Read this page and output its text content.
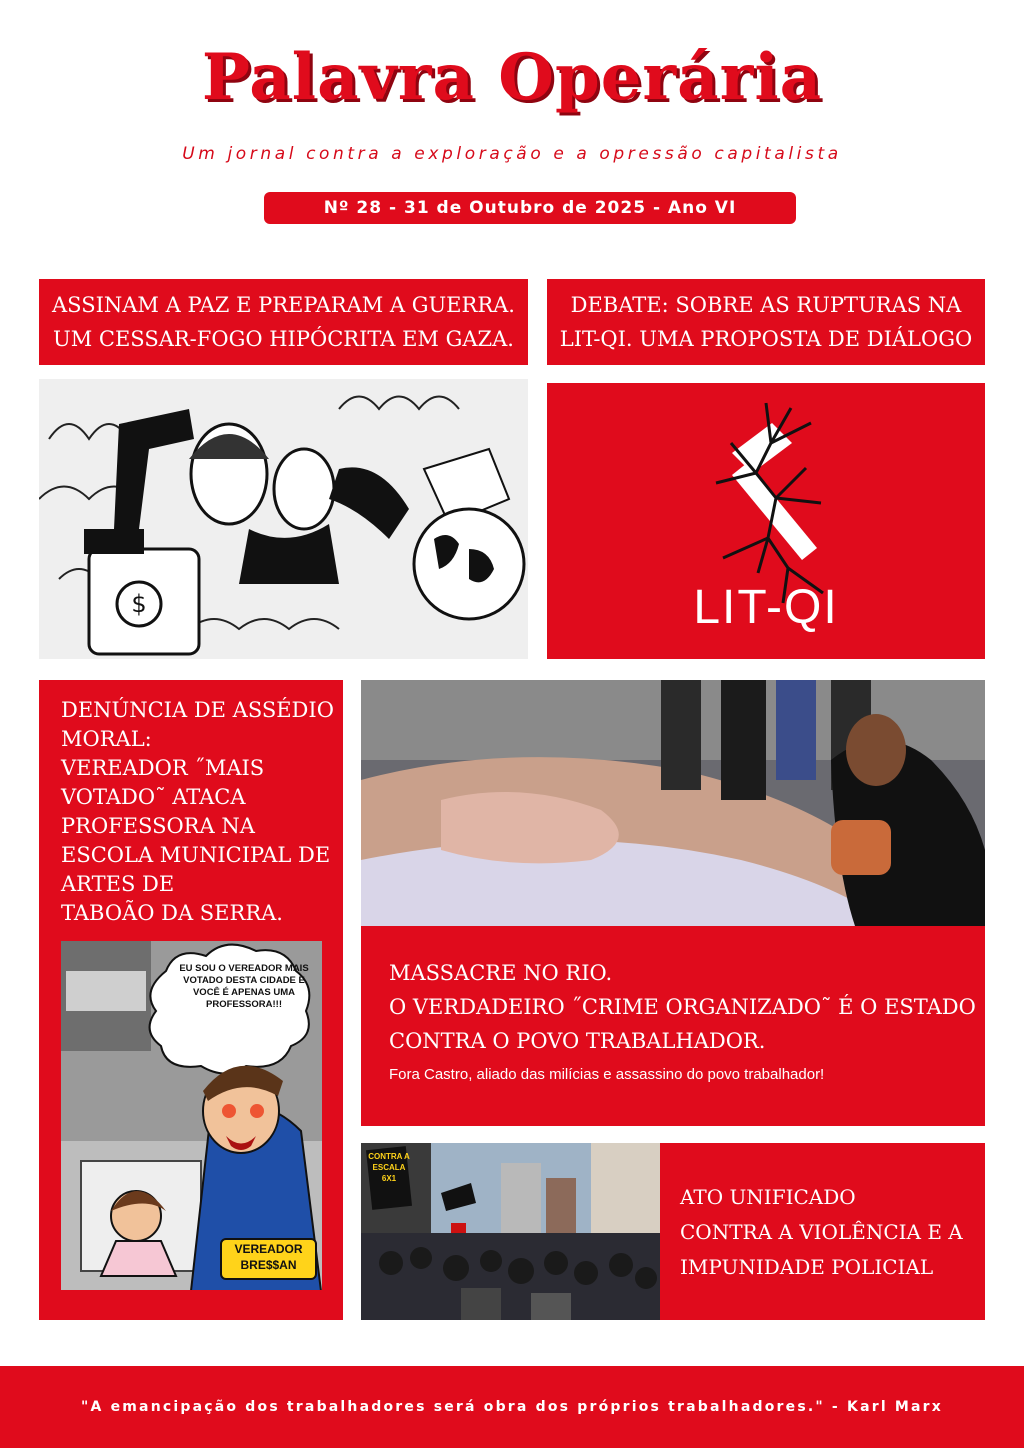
Palavra Operária
Um jornal contra a exploração e a opressão capitalista
Nº 28 - 31 de Outubro de 2025 - Ano VI
ASSINAM A PAZ E PREPARAM A GUERRA.
UM CESSAR-FOGO HIPÓCRITA EM GAZA.
DEBATE: SOBRE AS RUPTURAS NA
LIT-QI. UMA PROPOSTA DE DIÁLOGO
$	LIT-QI
DENÚNCIA DE ASSÉDIO
MORAL:
VEREADOR ˝MAIS
VOTADO˜ ATACA
PROFESSORA NA
ESCOLA MUNICIPAL DE
ARTES DE
TABOÃO DA SERRA.
EU SOU O VEREADOR MAIS VOTADO DESTA CIDADE E VOCÊ É APENAS UMA PROFESSORA!!!
VEREADOR BRE$$AN
MASSACRE NO RIO.
O VERDADEIRO ˝CRIME ORGANIZADO˜ É O ESTADO
CONTRA O POVO TRABALHADOR.
Fora Castro, aliado das milícias e assassino do povo trabalhador!
CONTRA A ESCALA 6X1
ATO UNIFICADO
CONTRA A VIOLÊNCIA E A
IMPUNIDADE POLICIAL
"A emancipação dos trabalhadores será obra dos próprios trabalhadores." - Karl Marx
